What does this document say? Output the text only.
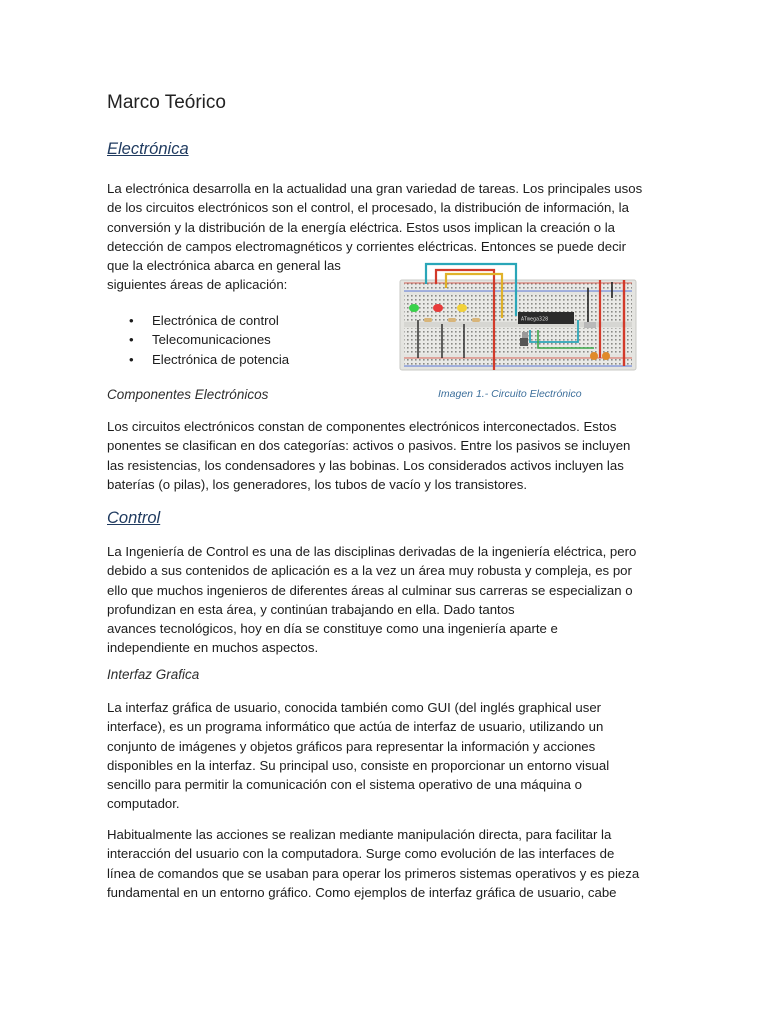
Marco Teórico
Electrónica

La electrónica desarrolla en la actualidad una gran variedad de tareas. Los principales usos
de los circuitos electrónicos son el control, el procesado, la distribución de información, la
conversión y la distribución de la energía eléctrica. Estos usos implican la creación o la
detección de campos electromagnéticos y corrientes eléctricas. Entonces se puede decir
que la electrónica abarca en general las
siguientes áreas de aplicación:

• Electrónica de control
• Telecomunicaciones
• Electrónica de potencia
ATmega328
Imagen 1.- Circuito Electrónico
Componentes Electrónicos

Los circuitos electrónicos constan de componentes electrónicos interconectados. Estos
ponentes se clasifican en dos categorías: activos o pasivos. Entre los pasivos se incluyen
las resistencias, los condensadores y las bobinas. Los considerados activos incluyen las
baterías (o pilas), los generadores, los tubos de vacío y los transistores.

Control

La Ingeniería de Control es una de las disciplinas derivadas de la ingeniería eléctrica, pero
debido a sus contenidos de aplicación es a la vez un área muy robusta y compleja, es por
ello que muchos ingenieros de diferentes áreas al culminar sus carreras se especializan o
profundizan en esta área, y continúan trabajando en ella. Dado tantos
avances tecnológicos, hoy en día se constituye como una ingeniería aparte e
independiente en muchos aspectos.

Interfaz Grafica

La interfaz gráfica de usuario, conocida también como GUI (del inglés graphical user
interface), es un programa informático que actúa de interfaz de usuario, utilizando un
conjunto de imágenes y objetos gráficos para representar la información y acciones
disponibles en la interfaz. Su principal uso, consiste en proporcionar un entorno visual
sencillo para permitir la comunicación con el sistema operativo de una máquina o
computador.

Habitualmente las acciones se realizan mediante manipulación directa, para facilitar la
interacción del usuario con la computadora. Surge como evolución de las interfaces de
línea de comandos que se usaban para operar los primeros sistemas operativos y es pieza
fundamental en un entorno gráfico. Como ejemplos de interfaz gráfica de usuario, cabe
